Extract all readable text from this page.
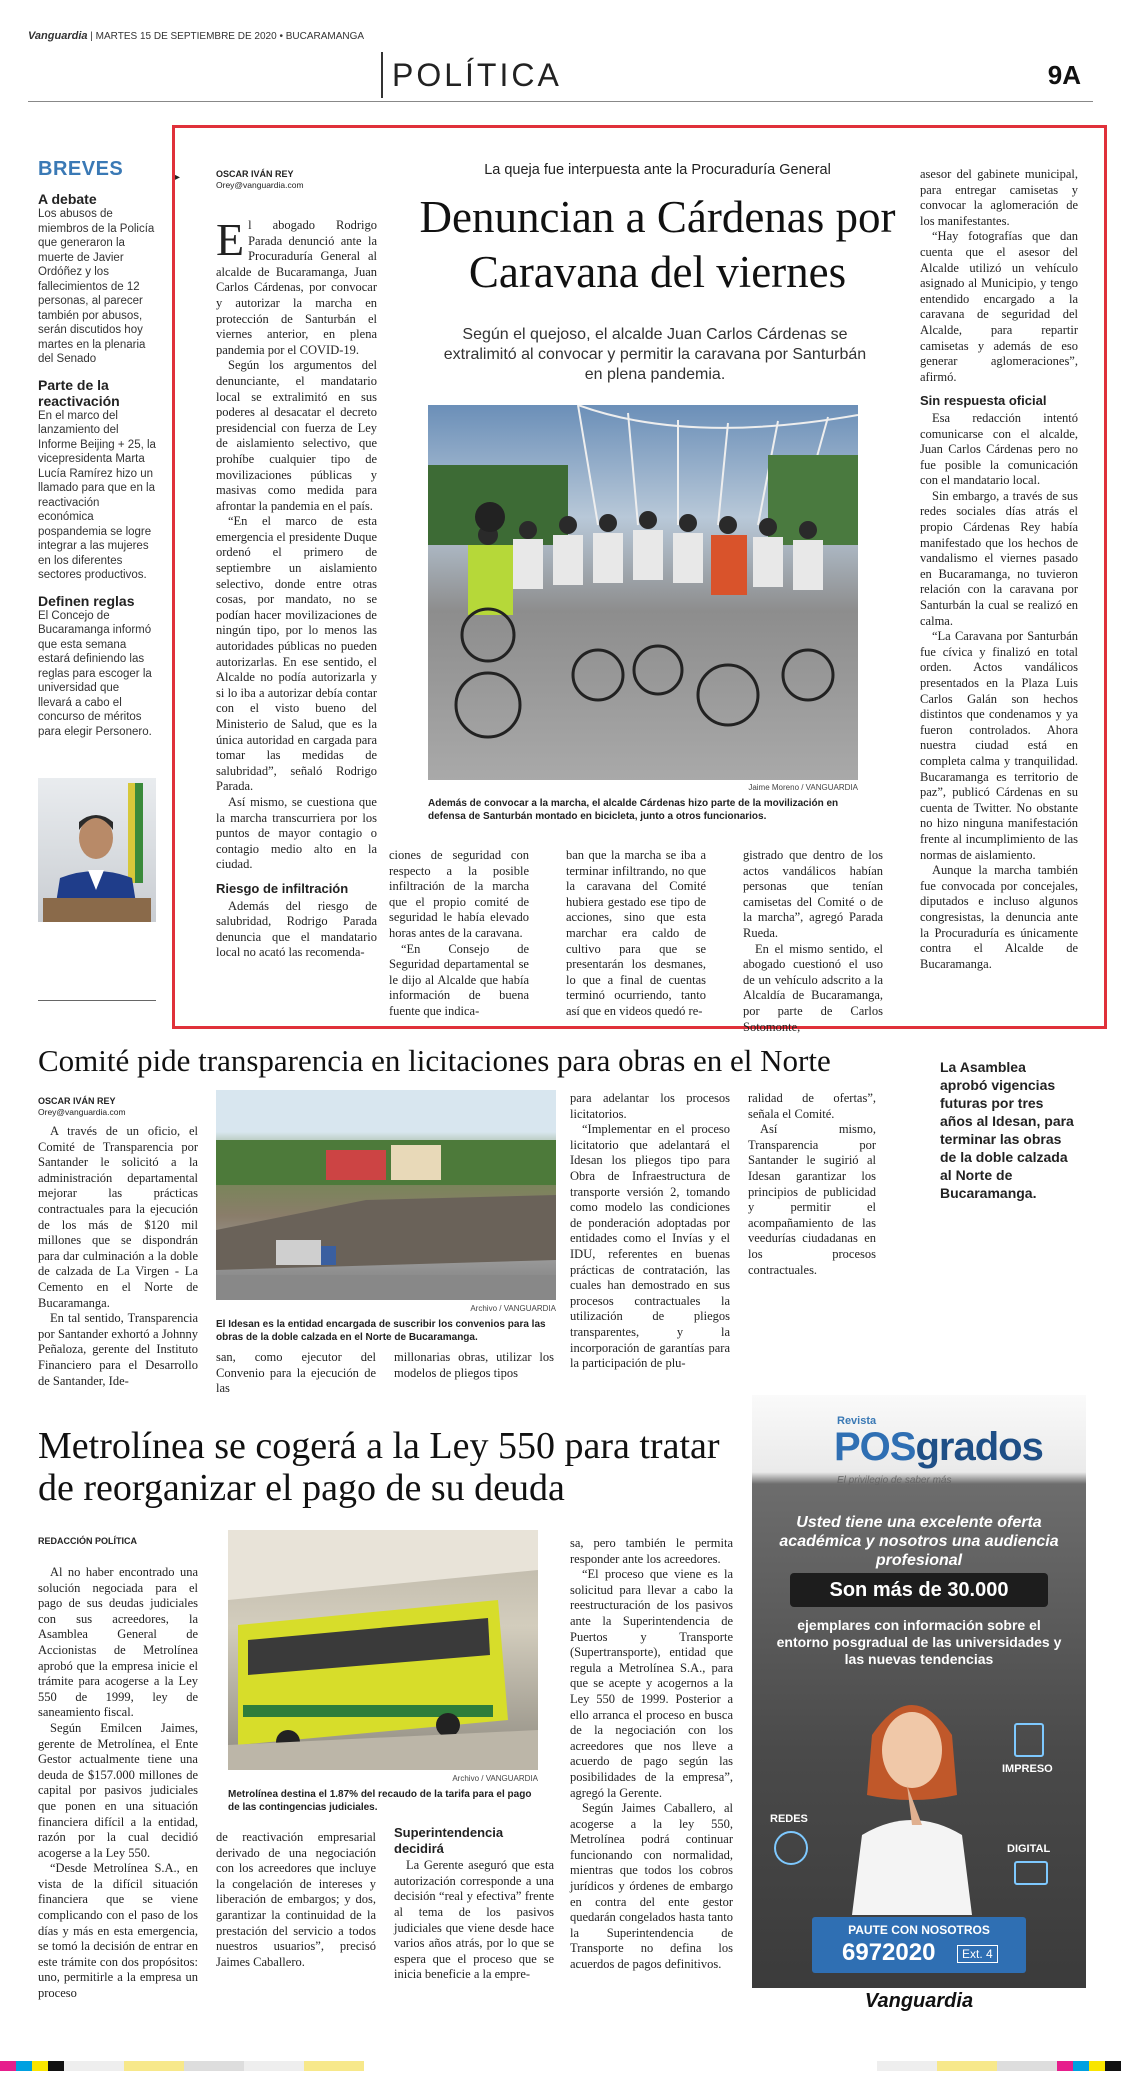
Vanguardia | MARTES 15 DE SEPTIEMBRE DE 2020 • BUCARAMANGA
POLÍTICA	9A
BREVES
A debate

Los abusos de miembros de la Policía que generaron la muerte de Javier Ordóñez y los fallecimientos de 12 personas, al parecer también por abusos, serán discutidos hoy martes en la plenaria del Senado

Parte de la reactivación

En el marco del lanzamiento del Informe Beijing + 25, la vicepresidenta Marta Lucía Ramírez hizo un llamado para que en la reactivación económica pospandemia se logre integrar a las mujeres en los diferentes sectores productivos.

Definen reglas

El Concejo de Bucaramanga informó que esta semana estará definiendo las reglas para escoger la universidad que llevará a cabo el concurso de méritos para elegir Personero.

▸	OSCAR IVÁN REY
Orey@vanguardia.com
La queja fue interpuesta ante la Procuraduría General
Denuncian a Cárdenas por Caravana del viernes
Según el quejoso, el alcalde Juan Carlos Cárdenas se extralimitó al convocar y permitir la caravana por Santurbán en plena pandemia.
Jaime Moreno / VANGUARDIA
Además de convocar a la marcha, el alcalde Cárdenas hizo parte de la movilización en defensa de Santurbán montado en bicicleta, junto a otros funcionarios.
E l abogado Rodrigo Parada denunció ante la Procuraduría General al alcalde de Bucaramanga, Juan Carlos Cárdenas, por convocar y autorizar la marcha en protección de Santurbán el viernes anterior, en plena pandemia por el COVID-19.

Según los argumentos del denunciante, el mandatario local se extralimitó en sus poderes al desacatar el decreto presidencial con fuerza de Ley de aislamiento selectivo, que prohíbe cualquier tipo de movilizaciones públicas y masivas como medida para afrontar la pandemia en el país.

“En el marco de esta emergencia el presidente Duque ordenó el primero de septiembre un aislamiento selectivo, donde entre otras cosas, por mandato, no se podían hacer movilizaciones de ningún tipo, por lo menos las autoridades públicas no pueden autorizarlas. En ese sentido, el Alcalde no podía autorizarla y si lo iba a autorizar debía contar con el visto bueno del Ministerio de Salud, que es la única autoridad en cargada para tomar las medidas de salubridad”, señaló Rodrigo Parada.

Así mismo, se cuestiona que la marcha transcurriera por los puntos de mayor contagio o contagio medio alto en la ciudad.

Riesgo de infiltración

Además del riesgo de salubridad, Rodrigo Parada denuncia que el mandatario local no acató las recomenda-

ciones de seguridad con respecto a la posible infiltración de la marcha que el propio comité de seguridad le había elevado horas antes de la caravana.

“En Consejo de Seguridad departamental se le dijo al Alcalde que había información de buena fuente que indica-

ban que la marcha se iba a terminar infiltrando, no que la caravana del Comité hubiera gestado ese tipo de acciones, sino que esta marchar era caldo de cultivo para que se presentarán los desmanes, lo que a final de cuentas terminó ocurriendo, tanto así que en videos quedó re-

gistrado que dentro de los actos vandálicos habían personas que tenían camisetas del Comité o de la marcha”, agregó Parada Rueda.

En el mismo sentido, el abogado cuestionó el uso de un vehículo adscrito a la Alcaldía de Bucaramanga, por parte de Carlos Sotomonte,

asesor del gabinete municipal, para entregar camisetas y convocar la aglomeración de los manifestantes.

“Hay fotografías que dan cuenta que el asesor del Alcalde utilizó un vehículo asignado al Municipio, y tengo entendido encargado a la caravana de seguridad del Alcalde, para repartir camisetas y además de eso generar aglomeraciones”, afirmó.

Sin respuesta oficial

Esa redacción intentó comunicarse con el alcalde, Juan Carlos Cárdenas pero no fue posible la comunicación con el mandatario local.

Sin embargo, a través de sus redes sociales días atrás el propio Cárdenas Rey había manifestado que los hechos de vandalismo el viernes pasado en Bucaramanga, no tuvieron relación con la caravana por Santurbán la cual se realizó en calma.

“La Caravana por Santurbán fue cívica y finalizó en total orden. Actos vandálicos presentados en la Plaza Luis Carlos Galán son hechos distintos que condenamos y ya fueron controlados. Ahora nuestra ciudad está en completa calma y tranquilidad. Bucaramanga es territorio de paz”, publicó Cárdenas en su cuenta de Twitter. No obstante no hizo ninguna manifestación frente al incumplimiento de las normas de aislamiento.

Aunque la marcha también fue convocada por concejales, diputados e incluso algunos congresistas, la denuncia ante la Procuraduría es únicamente contra el Alcalde de Bucaramanga.

Comité pide transparencia en licitaciones para obras en el Norte
OSCAR IVÁN REY
Orey@vanguardia.com

A través de un oficio, el Comité de Transparencia por Santander le solicitó a la administración departamental mejorar las prácticas contractuales para la ejecución de los más de $120 mil millones que se dispondrán para dar culminación a la doble de calzada de La Virgen - La Cemento en el Norte de Bucaramanga.

En tal sentido, Transparencia por Santander exhortó a Johnny Peñaloza, gerente del Instituto Financiero para el Desarrollo de Santander, Ide-

Archivo / VANGUARDIA
El Idesan es la entidad encargada de suscribir los convenios para las obras de la doble calzada en el Norte de Bucaramanga.

san, como ejecutor del Convenio para la ejecución de las

millonarias obras, utilizar los modelos de pliegos tipos

para adelantar los procesos licitatorios.

“Implementar en el proceso licitatorio que adelantará el Idesan los pliegos tipo para Obra de Infraestructura de transporte versión 2, tomando como modelo las condiciones de ponderación adoptadas por entidades como el Invías y el IDU, referentes en buenas prácticas de contratación, las cuales han demostrado en sus procesos contractuales la utilización de pliegos transparentes, y la incorporación de garantías para la participación de plu-

ralidad de ofertas”, señala el Comité.

Así mismo, Transparencia por Santander le sugirió al Idesan garantizar los principios de publicidad y permitir el acompañamiento de las veedurías ciudadanas en los procesos contractuales.

La Asamblea aprobó vigencias futuras por tres años al Idesan, para terminar las obras de la doble calzada al Norte de Bucaramanga.
Metrolínea se cogerá a la Ley 550 para tratar de reorganizar el pago de su deuda
REDACCIÓN POLÍTICA

Al no haber encontrado una solución negociada para el pago de sus deudas judiciales con sus acreedores, la Asamblea General de Accionistas de Metrolínea aprobó que la empresa inicie el trámite para acogerse a la Ley 550 de 1999, ley de saneamiento fiscal.

Según Emilcen Jaimes, gerente de Metrolínea, el Ente Gestor actualmente tiene una deuda de $157.000 millones de capital por pasivos judiciales que ponen en una situación financiera difícil a la entidad, razón por la cual decidió acogerse a la Ley 550.

“Desde Metrolínea S.A., en vista de la difícil situación financiera que se viene complicando con el paso de los días y más en esta emergencia, se tomó la decisión de entrar en este trámite con dos propósitos: uno, permitirle a la empresa un proceso

Archivo / VANGUARDIA
Metrolínea destina el 1.87% del recaudo de la tarifa para el pago de las contingencias judiciales.

de reactivación empresarial derivado de una negociación con los acreedores que incluye la congelación de intereses y liberación de embargos; y dos, garantizar la continuidad de la prestación del servicio a todos nuestros usuarios”, precisó Jaimes Caballero.

Superintendencia decidirá

La Gerente aseguró que esta autorización corresponde a una decisión “real y efectiva” frente al tema de los pasivos judiciales que viene desde hace varios años atrás, por lo que se espera que el proceso que se inicia beneficie a la empre-

sa, pero también le permita responder ante los acreedores.

“El proceso que viene es la solicitud para llevar a cabo la reestructuración de los pasivos ante la Superintendencia de Puertos y Transporte (Supertransporte), entidad que regula a Metrolínea S.A., para que se acepte y acogernos a la Ley 550 de 1999. Posterior a ello arranca el proceso en busca de la negociación con los acreedores que nos lleve a acuerdo de pago según las posibilidades de la empresa”, agregó la Gerente.

Según Jaimes Caballero, al acogerse a la ley 550, Metrolínea podrá continuar funcionando con normalidad, mientras que todos los cobros jurídicos y órdenes de embargo en contra del ente gestor quedarán congelados hasta tanto la Superintendencia de Transporte no defina los acuerdos de pagos definitivos.

Revista
POSgrados
El privilegio de saber más
Usted tiene una excelente oferta académica y nosotros una audiencia profesional
Son más de 30.000
ejemplares con información sobre el entorno posgradual de las universidades y las nuevas tendencias
IMPRESO
REDES
DIGITAL
PAUTE CON NOSOTROS
6972020	Ext. 4
Vanguardia
